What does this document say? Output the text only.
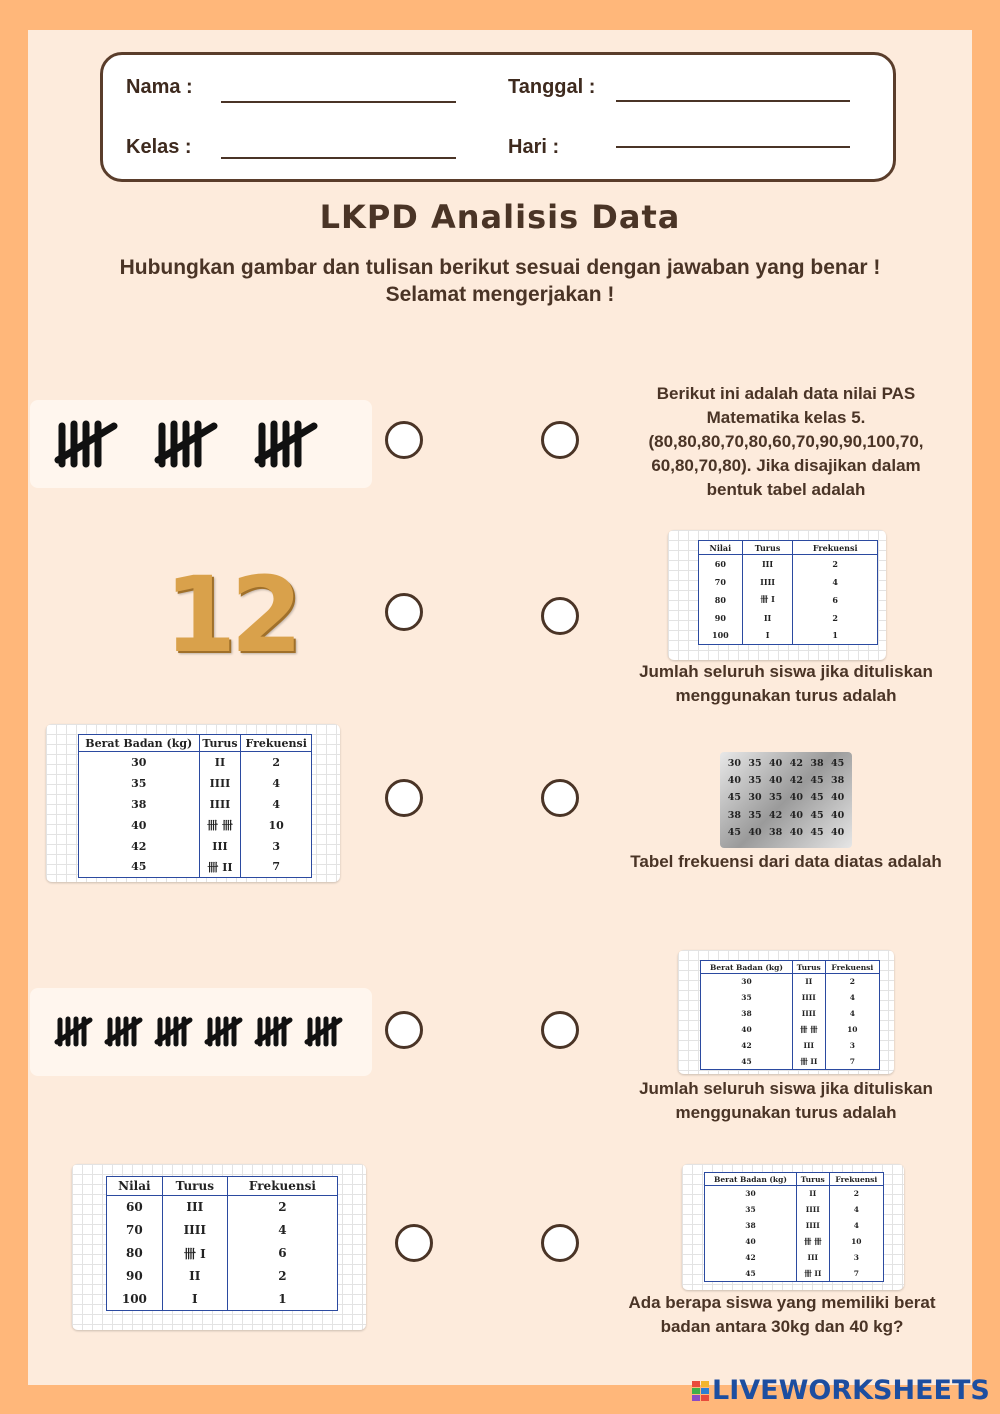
Nama :	Tanggal :
Kelas :	Hari :
LKPD Analisis Data
Hubungkan gambar dan tulisan berikut sesuai dengan jawaban yang benar !
Selamat mengerjakan !
12
Berat Badan (kg)	Turus	Frekuensi
30	II	2
35	IIII	4
38	IIII	4
40	卌 卌	10
42	III	3
45	卌 II	7
Nilai	Turus	Frekuensi
60	III	2
70	IIII	4
80	卌 I	6
90	II	2
100	I	1
Berikut ini adalah data nilai PAS
Matematika kelas 5.
(80,80,80,70,80,60,70,90,90,100,70,
60,80,70,80). Jika disajikan dalam
bentuk tabel adalah
Nilai	Turus	Frekuensi
60	III	2
70	IIII	4
80	卌 I	6
90	II	2
100	I	1
Jumlah seluruh siswa jika dituliskan
menggunakan turus adalah
30 35 40 42 38 45
40 35 40 42 45 38
45 30 35 40 45 40
38 35 42 40 45 40
45 40 38 40 45 40
Tabel frekuensi dari data diatas adalah
Berat Badan (kg)	Turus	Frekuensi
30	II	2
35	IIII	4
38	IIII	4
40	卌 卌	10
42	III	3
45	卌 II	7
Jumlah seluruh siswa jika dituliskan
menggunakan turus adalah
Berat Badan (kg)	Turus	Frekuensi
30	II	2
35	IIII	4
38	IIII	4
40	卌 卌	10
42	III	3
45	卌 II	7
Ada berapa siswa yang memiliki berat
badan antara 30kg dan 40 kg?
LIVEWORKSHEETS
